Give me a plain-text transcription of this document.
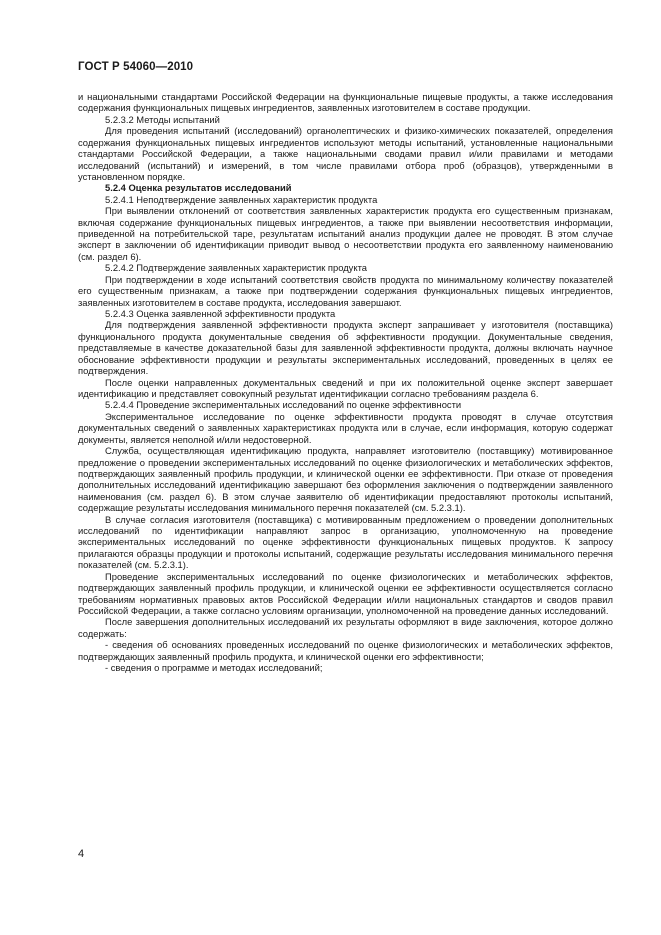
ГОСТ Р 54060—2010

и национальными стандартами Российской Федерации на функциональные пищевые продукты, а также исследования содержания функциональных пищевых ингредиентов, заявленных изготовителем в составе продукции.

5.2.3.2 Методы испытаний

Для проведения испытаний (исследований) органолептических и физико-химических показателей, определения содержания функциональных пищевых ингредиентов используют методы испытаний, установленные национальными стандартами Российской Федерации, а также национальными сводами правил и/или правилами и методами исследований (испытаний) и измерений, в том числе правилами отбора проб (образцов), утвержденными в установленном порядке.

5.2.4 Оценка результатов исследований

5.2.4.1 Неподтверждение заявленных характеристик продукта

При выявлении отклонений от соответствия заявленных характеристик продукта его существенным признакам, включая содержание функциональных пищевых ингредиентов, а также при выявлении несоответствия информации, приведенной на потребительской таре, результатам испытаний анализ продукции далее не проводят. В этом случае эксперт в заключении об идентификации приводит вывод о несоответствии продукта его заявленному наименованию (см. раздел 6).

5.2.4.2 Подтверждение заявленных характеристик продукта

При подтверждении в ходе испытаний соответствия свойств продукта по минимальному количеству показателей его существенным признакам, а также при подтверждении содержания функциональных пищевых ингредиентов, заявленных изготовителем в составе продукта, исследования завершают.

5.2.4.3 Оценка заявленной эффективности продукта

Для подтверждения заявленной эффективности продукта эксперт запрашивает у изготовителя (поставщика) функционального продукта документальные сведения об эффективности продукции. Документальные сведения, представляемые в качестве доказательной базы для заявленной эффективности продукта, должны включать научное обоснование эффективности продукции и результаты экспериментальных исследований, проведенных в целях ее подтверждения.

После оценки направленных документальных сведений и при их положительной оценке эксперт завершает идентификацию и представляет совокупный результат идентификации согласно требованиям раздела 6.

5.2.4.4 Проведение экспериментальных исследований по оценке эффективности

Экспериментальное исследование по оценке эффективности продукта проводят в случае отсутствия документальных сведений о заявленных характеристиках продукта или в случае, если информация, которую содержат документы, является неполной и/или недостоверной.

Служба, осуществляющая идентификацию продукта, направляет изготовителю (поставщику) мотивированное предложение о проведении экспериментальных исследований по оценке физиологических и метаболических эффектов, подтверждающих заявленный профиль продукции, и клинической оценки ее эффективности. При отказе от проведения дополнительных исследований идентификацию завершают без оформления заключения о подтверждении заявленного наименования (см. раздел 6). В этом случае заявителю об идентификации предоставляют протоколы испытаний, содержащие результаты исследования минимального перечня показателей (см. 5.2.3.1).

В случае согласия изготовителя (поставщика) с мотивированным предложением о проведении дополнительных исследований по идентификации направляют запрос в организацию, уполномоченную на проведение экспериментальных исследований по оценке эффективности функциональных пищевых продуктов. К запросу прилагаются образцы продукции и протоколы испытаний, содержащие результаты исследования минимального перечня показателей (см. 5.2.3.1).

Проведение экспериментальных исследований по оценке физиологических и метаболических эффектов, подтверждающих заявленный профиль продукции, и клинической оценки ее эффективности осуществляется согласно требованиям нормативных правовых актов Российской Федерации и/или национальных стандартов и сводов правил Российской Федерации, а также согласно условиям организации, уполномоченной на проведение данных исследований.

После завершения дополнительных исследований их результаты оформляют в виде заключения, которое должно содержать:

- сведения об основаниях проведенных исследований по оценке физиологических и метаболических эффектов, подтверждающих заявленный профиль продукта, и клинической оценки его эффективности;

- сведения о программе и методах исследований;

4
